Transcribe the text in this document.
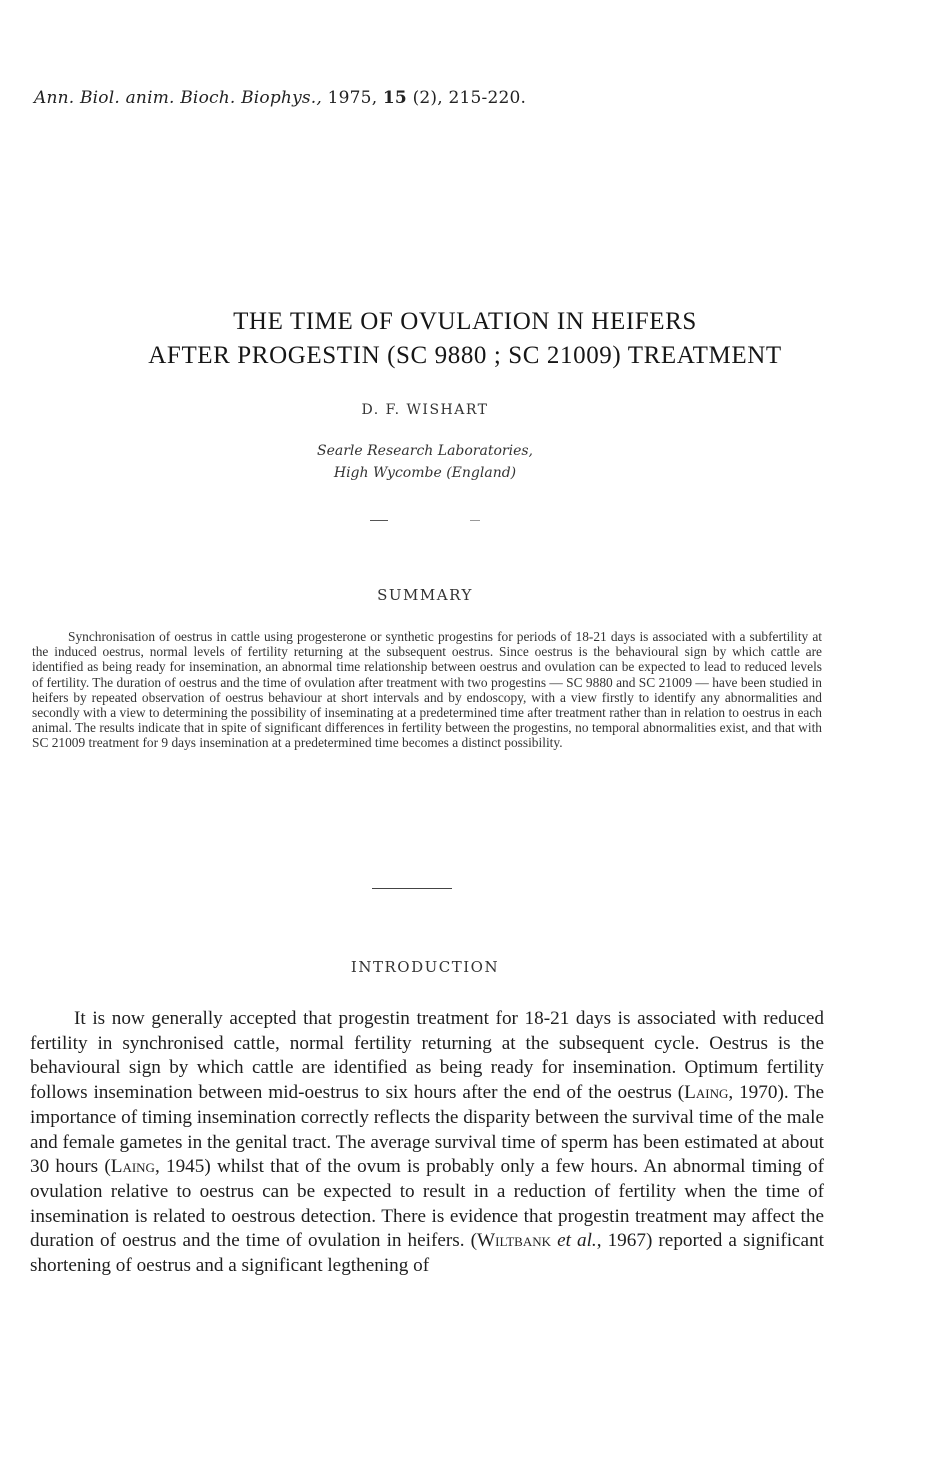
Ann. Biol. anim. Bioch. Biophys., 1975, 15 (2), 215-220.
THE TIME OF OVULATION IN HEIFERS
AFTER PROGESTIN (SC 9880 ; SC 21009) TREATMENT
D. F. WISHART
Searle Research Laboratories,
High Wycombe (England)
SUMMARY

Synchronisation of oestrus in cattle using progesterone or synthetic progestins for periods of 18-21 days is associated with a subfertility at the induced oestrus, normal levels of fertility returning at the subsequent oestrus. Since oestrus is the behavioural sign by which cattle are identified as being ready for insemination, an abnormal time relationship between oestrus and ovulation can be expected to lead to reduced levels of fertility. The duration of oestrus and the time of ovulation after treatment with two progestins — SC 9880 and SC 21009 — have been studied in heifers by repeated observation of oestrus behaviour at short intervals and by endoscopy, with a view firstly to identify any abnormalities and secondly with a view to determining the possibility of inseminating at a predetermined time after treatment rather than in relation to oestrus in each animal. The results indicate that in spite of significant differences in fertility between the progestins, no temporal abnormalities exist, and that with SC 21009 treatment for 9 days insemination at a predetermined time becomes a distinct possibility.

INTRODUCTION

It is now generally accepted that progestin treatment for 18-21 days is associated with reduced fertility in synchronised cattle, normal fertility returning at the subsequent cycle. Oestrus is the behavioural sign by which cattle are identified as being ready for insemination. Optimum fertility follows insemination between mid-oestrus to six hours after the end of the oestrus (Laing, 1970). The importance of timing insemination correctly reflects the disparity between the survival time of the male and female gametes in the genital tract. The average survival time of sperm has been estimated at about 30 hours (Laing, 1945) whilst that of the ovum is probably only a few hours. An abnormal timing of ovulation relative to oestrus can be expected to result in a reduction of fertility when the time of insemination is related to oestrous detection. There is evidence that progestin treatment may affect the duration of oestrus and the time of ovulation in heifers. (Wiltbank et al., 1967) reported a significant shortening of oestrus and a significant legthening of
